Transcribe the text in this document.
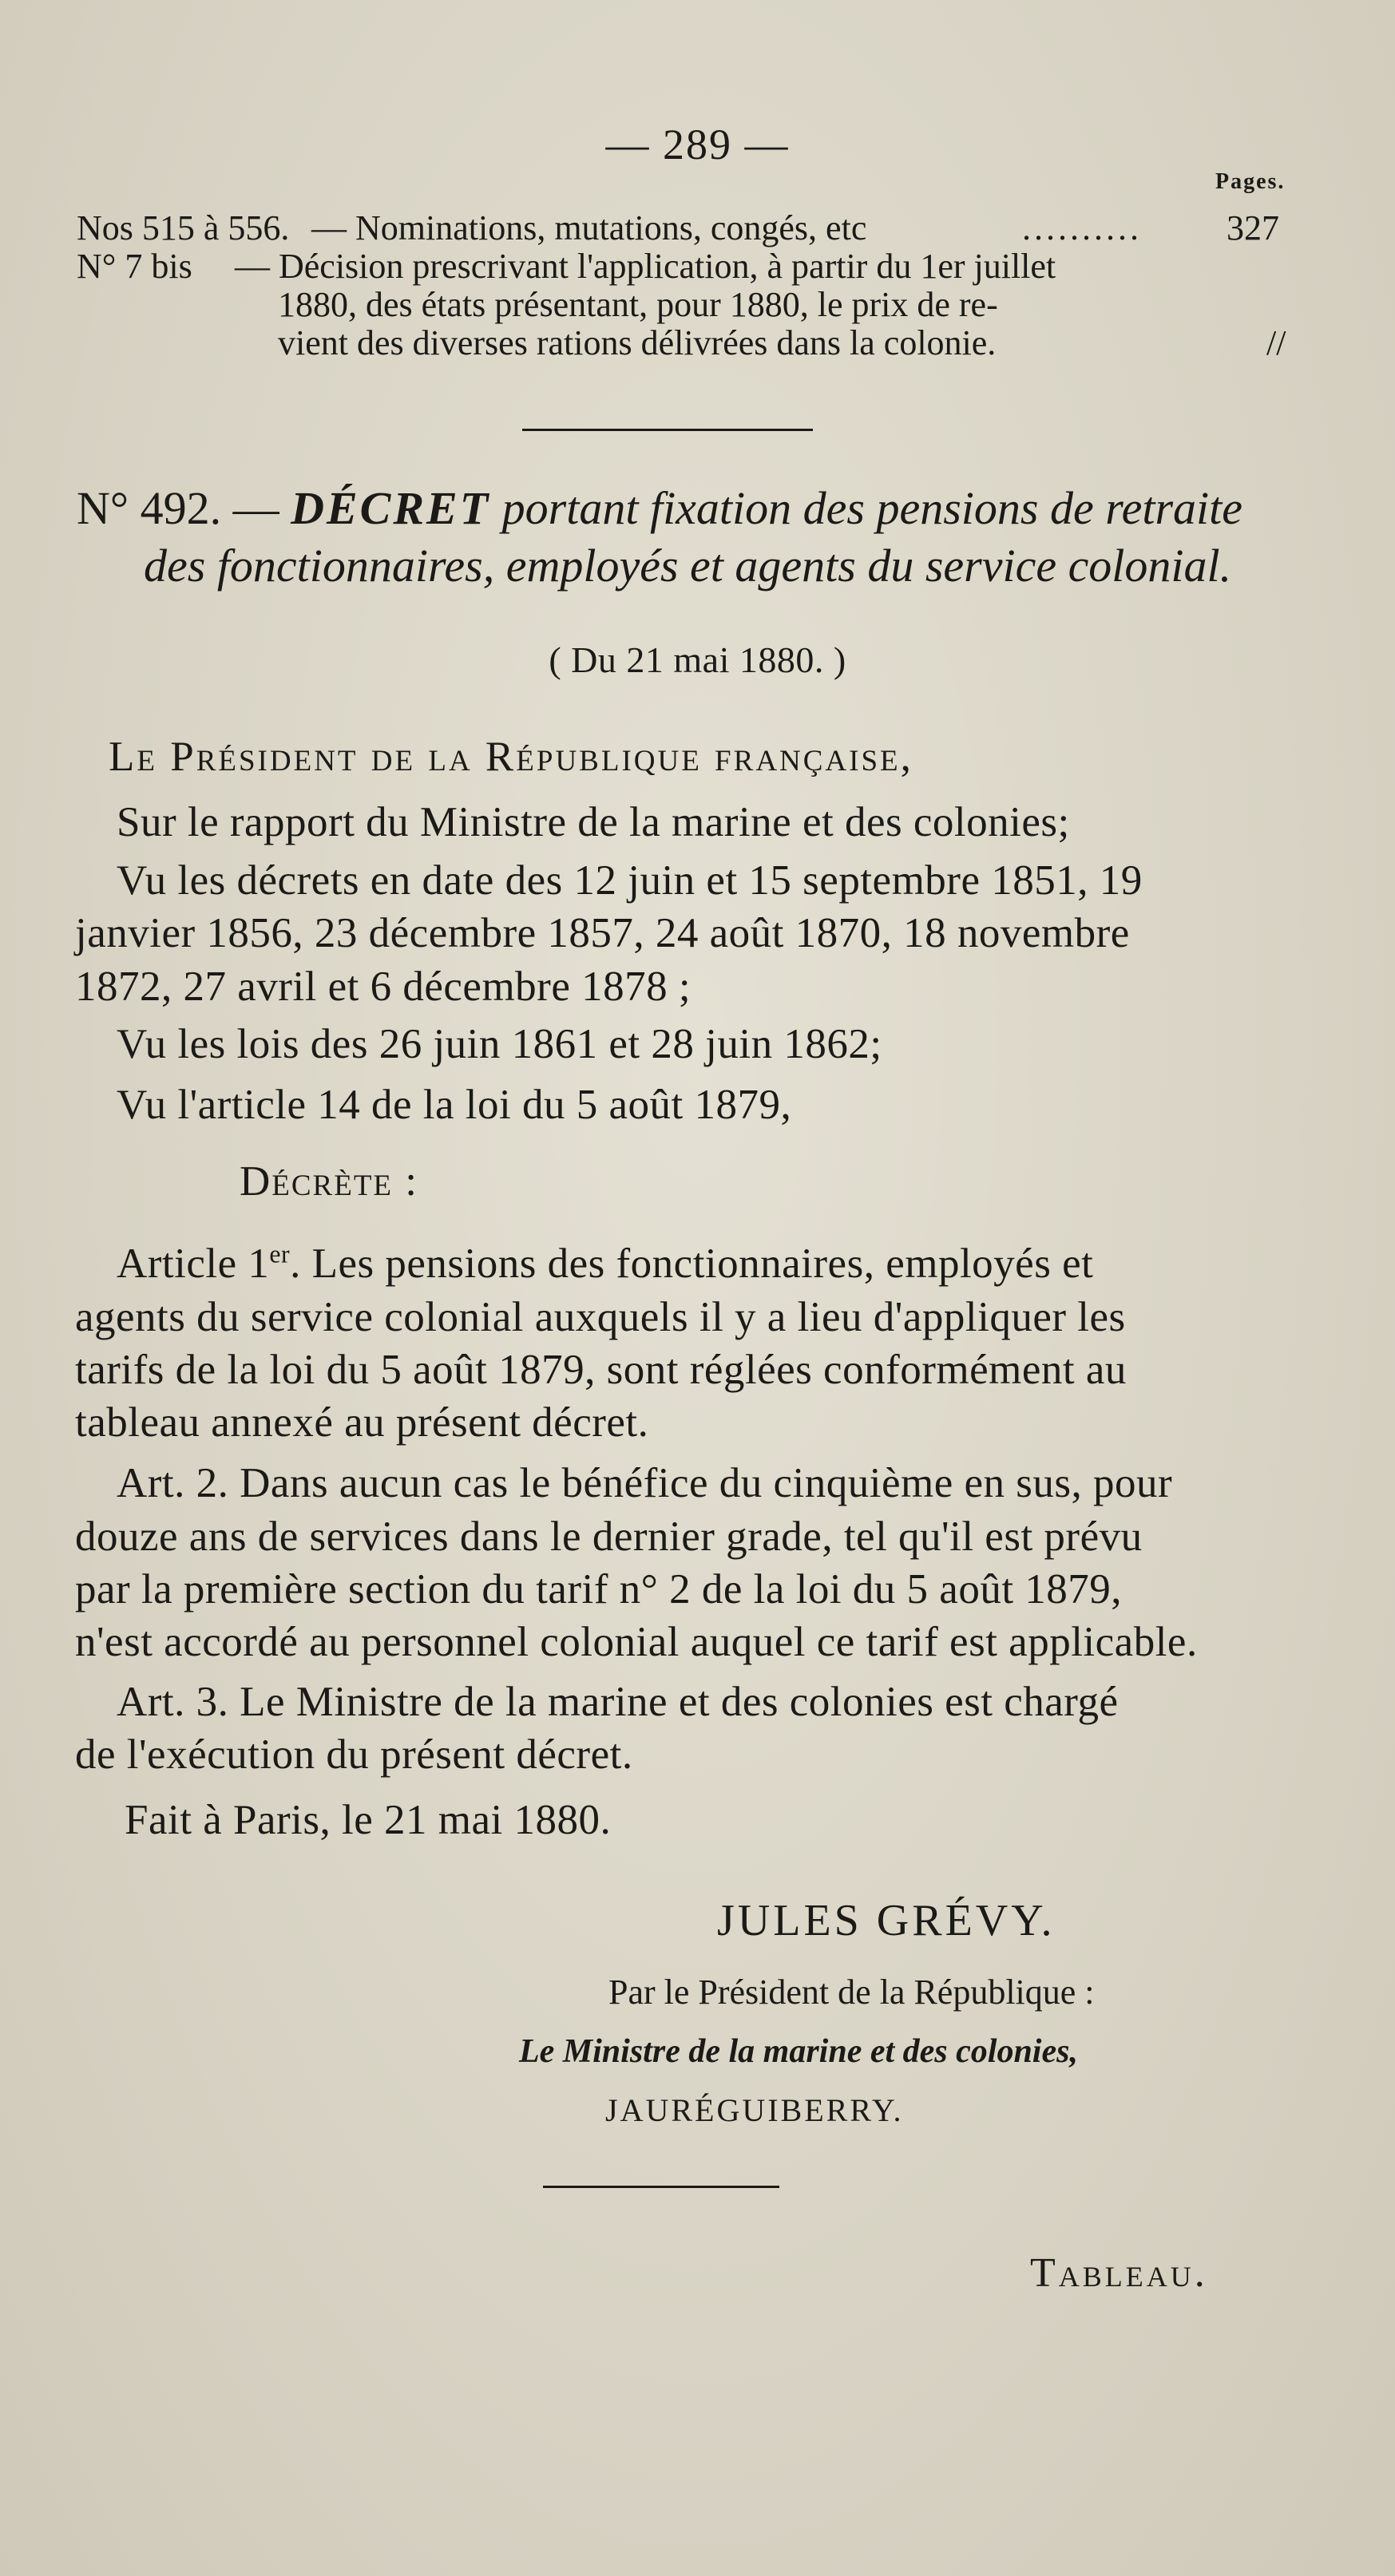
— 289 —
Pages.
Nos 515 à 556. — Nominations, mutations, congés, etc	.......... 327
N° 7 bis — Décision prescrivant l'application, à partir du 1er juillet
1880, des états présentant, pour 1880, le prix de re-
vient des diverses rations délivrées dans la colonie.	//
N° 492. — DÉCRET portant fixation des pensions de retraite
des fonctionnaires, employés et agents du service colonial.
( Du 21 mai 1880. )
Le Président de la République française,
Sur le rapport du Ministre de la marine et des colonies;
Vu les décrets en date des 12 juin et 15 septembre 1851, 19
janvier 1856, 23 décembre 1857, 24 août 1870, 18 novembre
1872, 27 avril et 6 décembre 1878 ;
Vu les lois des 26 juin 1861 et 28 juin 1862;
Vu l'article 14 de la loi du 5 août 1879,
Décrète :
Article 1er. Les pensions des fonctionnaires, employés et
agents du service colonial auxquels il y a lieu d'appliquer les
tarifs de la loi du 5 août 1879, sont réglées conformément au
tableau annexé au présent décret.
Art. 2. Dans aucun cas le bénéfice du cinquième en sus, pour
douze ans de services dans le dernier grade, tel qu'il est prévu
par la première section du tarif n° 2 de la loi du 5 août 1879,
n'est accordé au personnel colonial auquel ce tarif est applicable.
Art. 3. Le Ministre de la marine et des colonies est chargé
de l'exécution du présent décret.
Fait à Paris, le 21 mai 1880.
JULES GRÉVY.
Par le Président de la République :
Le Ministre de la marine et des colonies,
JAURÉGUIBERRY.
Tableau.
